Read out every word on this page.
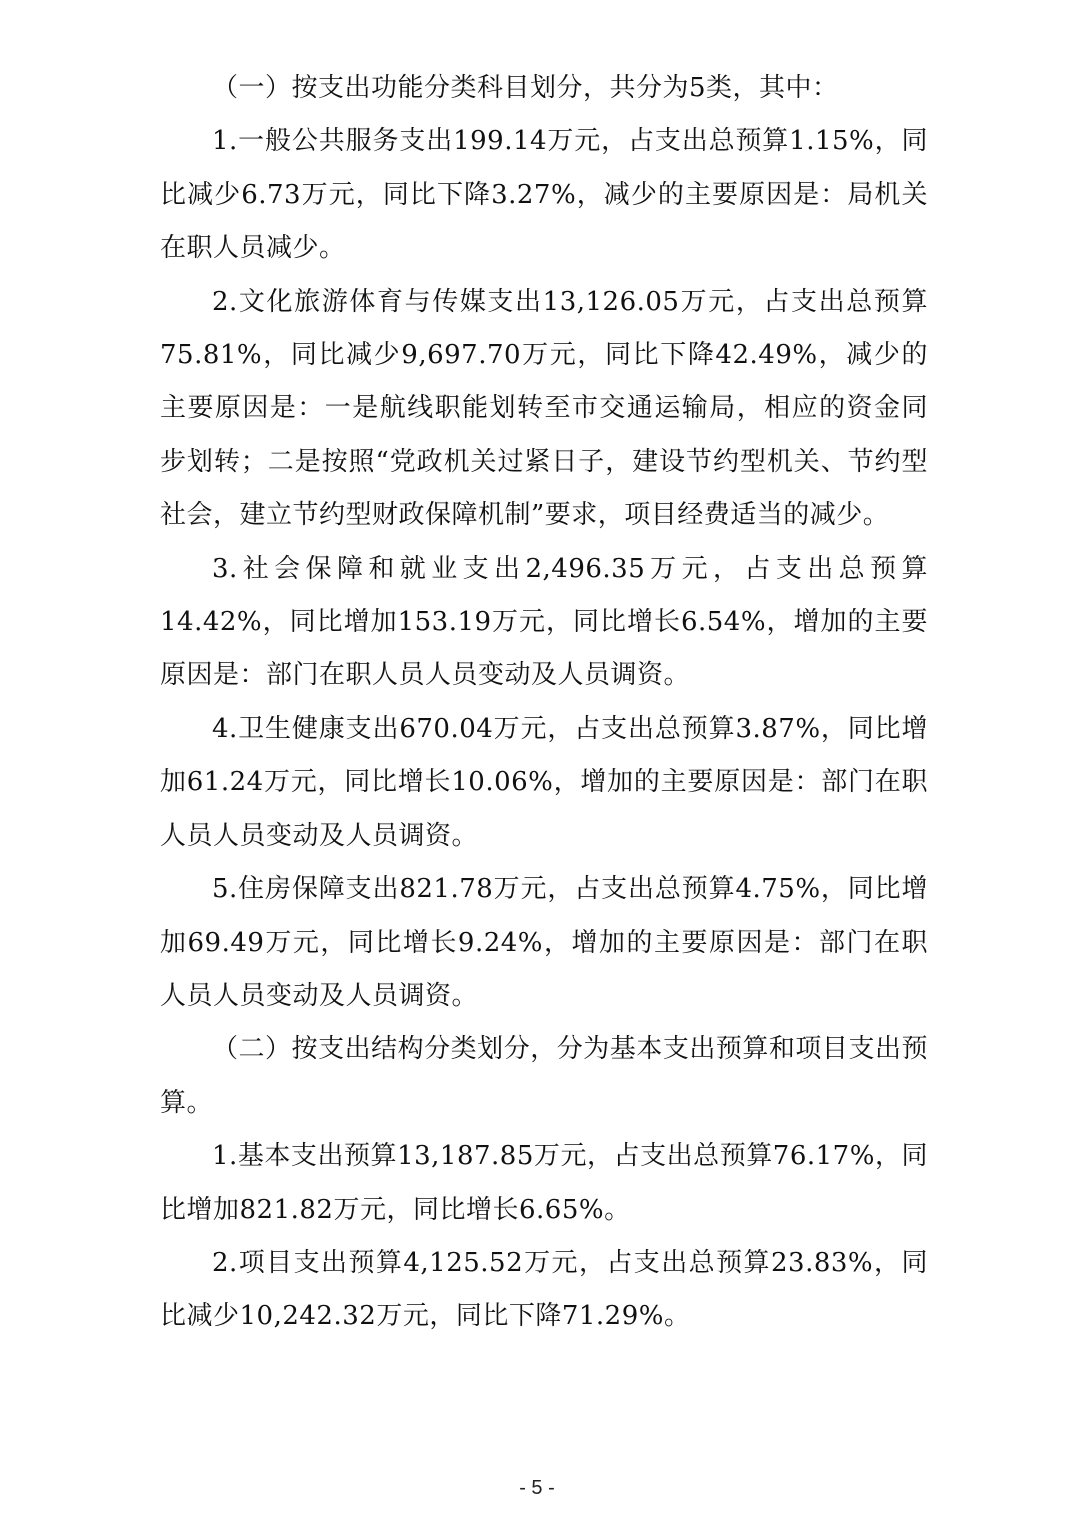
（一）按支出功能分类科目划分，共分为5类，其中：

1.一般公共服务支出199.14万元，占支出总预算1.15%，同比减少6.73万元，同比下降3.27%，减少的主要原因是：局机关在职人员减少。

2.文化旅游体育与传媒支出13,126.05万元，占支出总预算75.81%，同比减少9,697.70万元，同比下降42.49%，减少的主要原因是：一是航线职能划转至市交通运输局，相应的资金同步划转；二是按照“党政机关过紧日子，建设节约型机关、节约型社会，建立节约型财政保障机制”要求，项目经费适当的减少。

3.社会保障和就业支出2,496.35万元，占支出总预算14.42%，同比增加153.19万元，同比增长6.54%，增加的主要原因是：部门在职人员人员变动及人员调资。

4.卫生健康支出670.04万元，占支出总预算3.87%，同比增加61.24万元，同比增长10.06%，增加的主要原因是：部门在职人员人员变动及人员调资。

5.住房保障支出821.78万元，占支出总预算4.75%，同比增加69.49万元，同比增长9.24%，增加的主要原因是：部门在职人员人员变动及人员调资。

（二）按支出结构分类划分，分为基本支出预算和项目支出预算。

1.基本支出预算13,187.85万元，占支出总预算76.17%，同比增加821.82万元，同比增长6.65%。

2.项目支出预算4,125.52万元，占支出总预算23.83%，同比减少10,242.32万元，同比下降71.29%。

- 5 -
